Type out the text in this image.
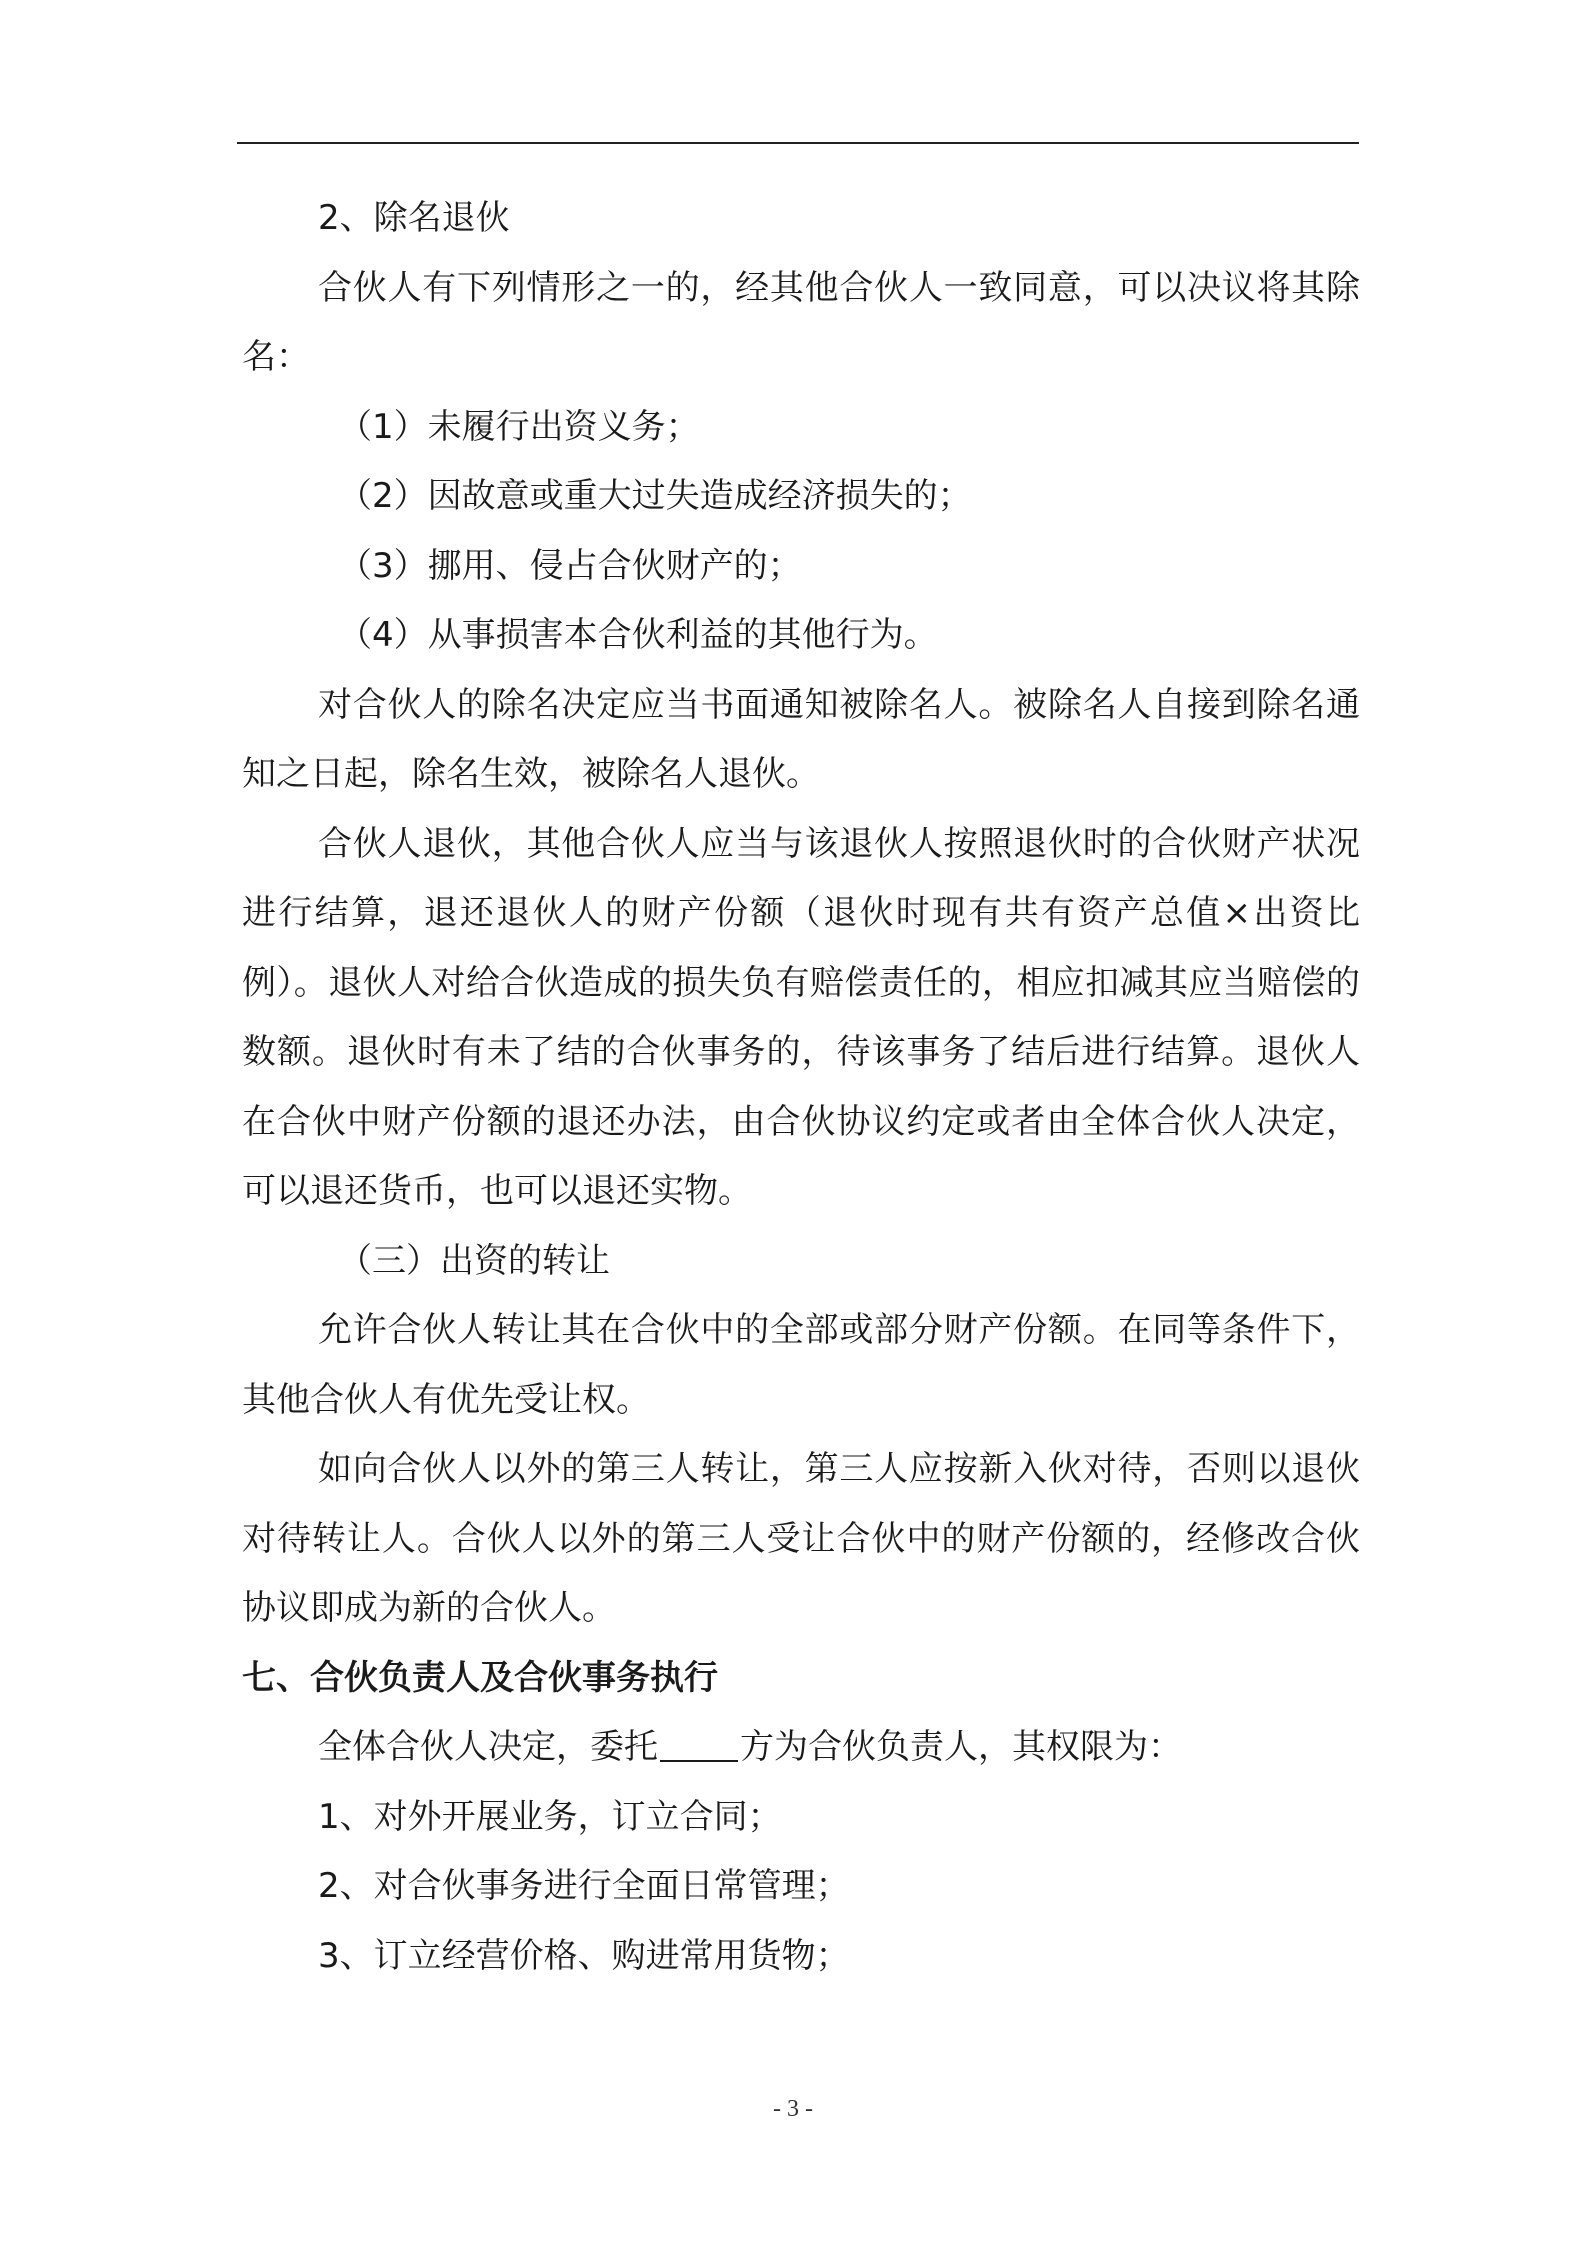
2、除名退伙

合伙人有下列情形之一的，经其他合伙人一致同意，可以决议将其除名：

（1）未履行出资义务；

（2）因故意或重大过失造成经济损失的；

（3）挪用、侵占合伙财产的；

（4）从事损害本合伙利益的其他行为。

对合伙人的除名决定应当书面通知被除名人。被除名人自接到除名通知之日起，除名生效，被除名人退伙。

合伙人退伙，其他合伙人应当与该退伙人按照退伙时的合伙财产状况进行结算，退还退伙人的财产份额（退伙时现有共有资产总值×出资比例）。退伙人对给合伙造成的损失负有赔偿责任的，相应扣减其应当赔偿的数额。退伙时有未了结的合伙事务的，待该事务了结后进行结算。退伙人在合伙中财产份额的退还办法，由合伙协议约定或者由全体合伙人决定，可以退还货币，也可以退还实物。

（三）出资的转让

允许合伙人转让其在合伙中的全部或部分财产份额。在同等条件下，其他合伙人有优先受让权。

如向合伙人以外的第三人转让，第三人应按新入伙对待，否则以退伙对待转让人。合伙人以外的第三人受让合伙中的财产份额的，经修改合伙协议即成为新的合伙人。

七、合伙负责人及合伙事务执行

全体合伙人决定，委托 方为合伙负责人，其权限为：

1、对外开展业务，订立合同；

2、对合伙事务进行全面日常管理；

3、订立经营价格、购进常用货物；

- 3 -
